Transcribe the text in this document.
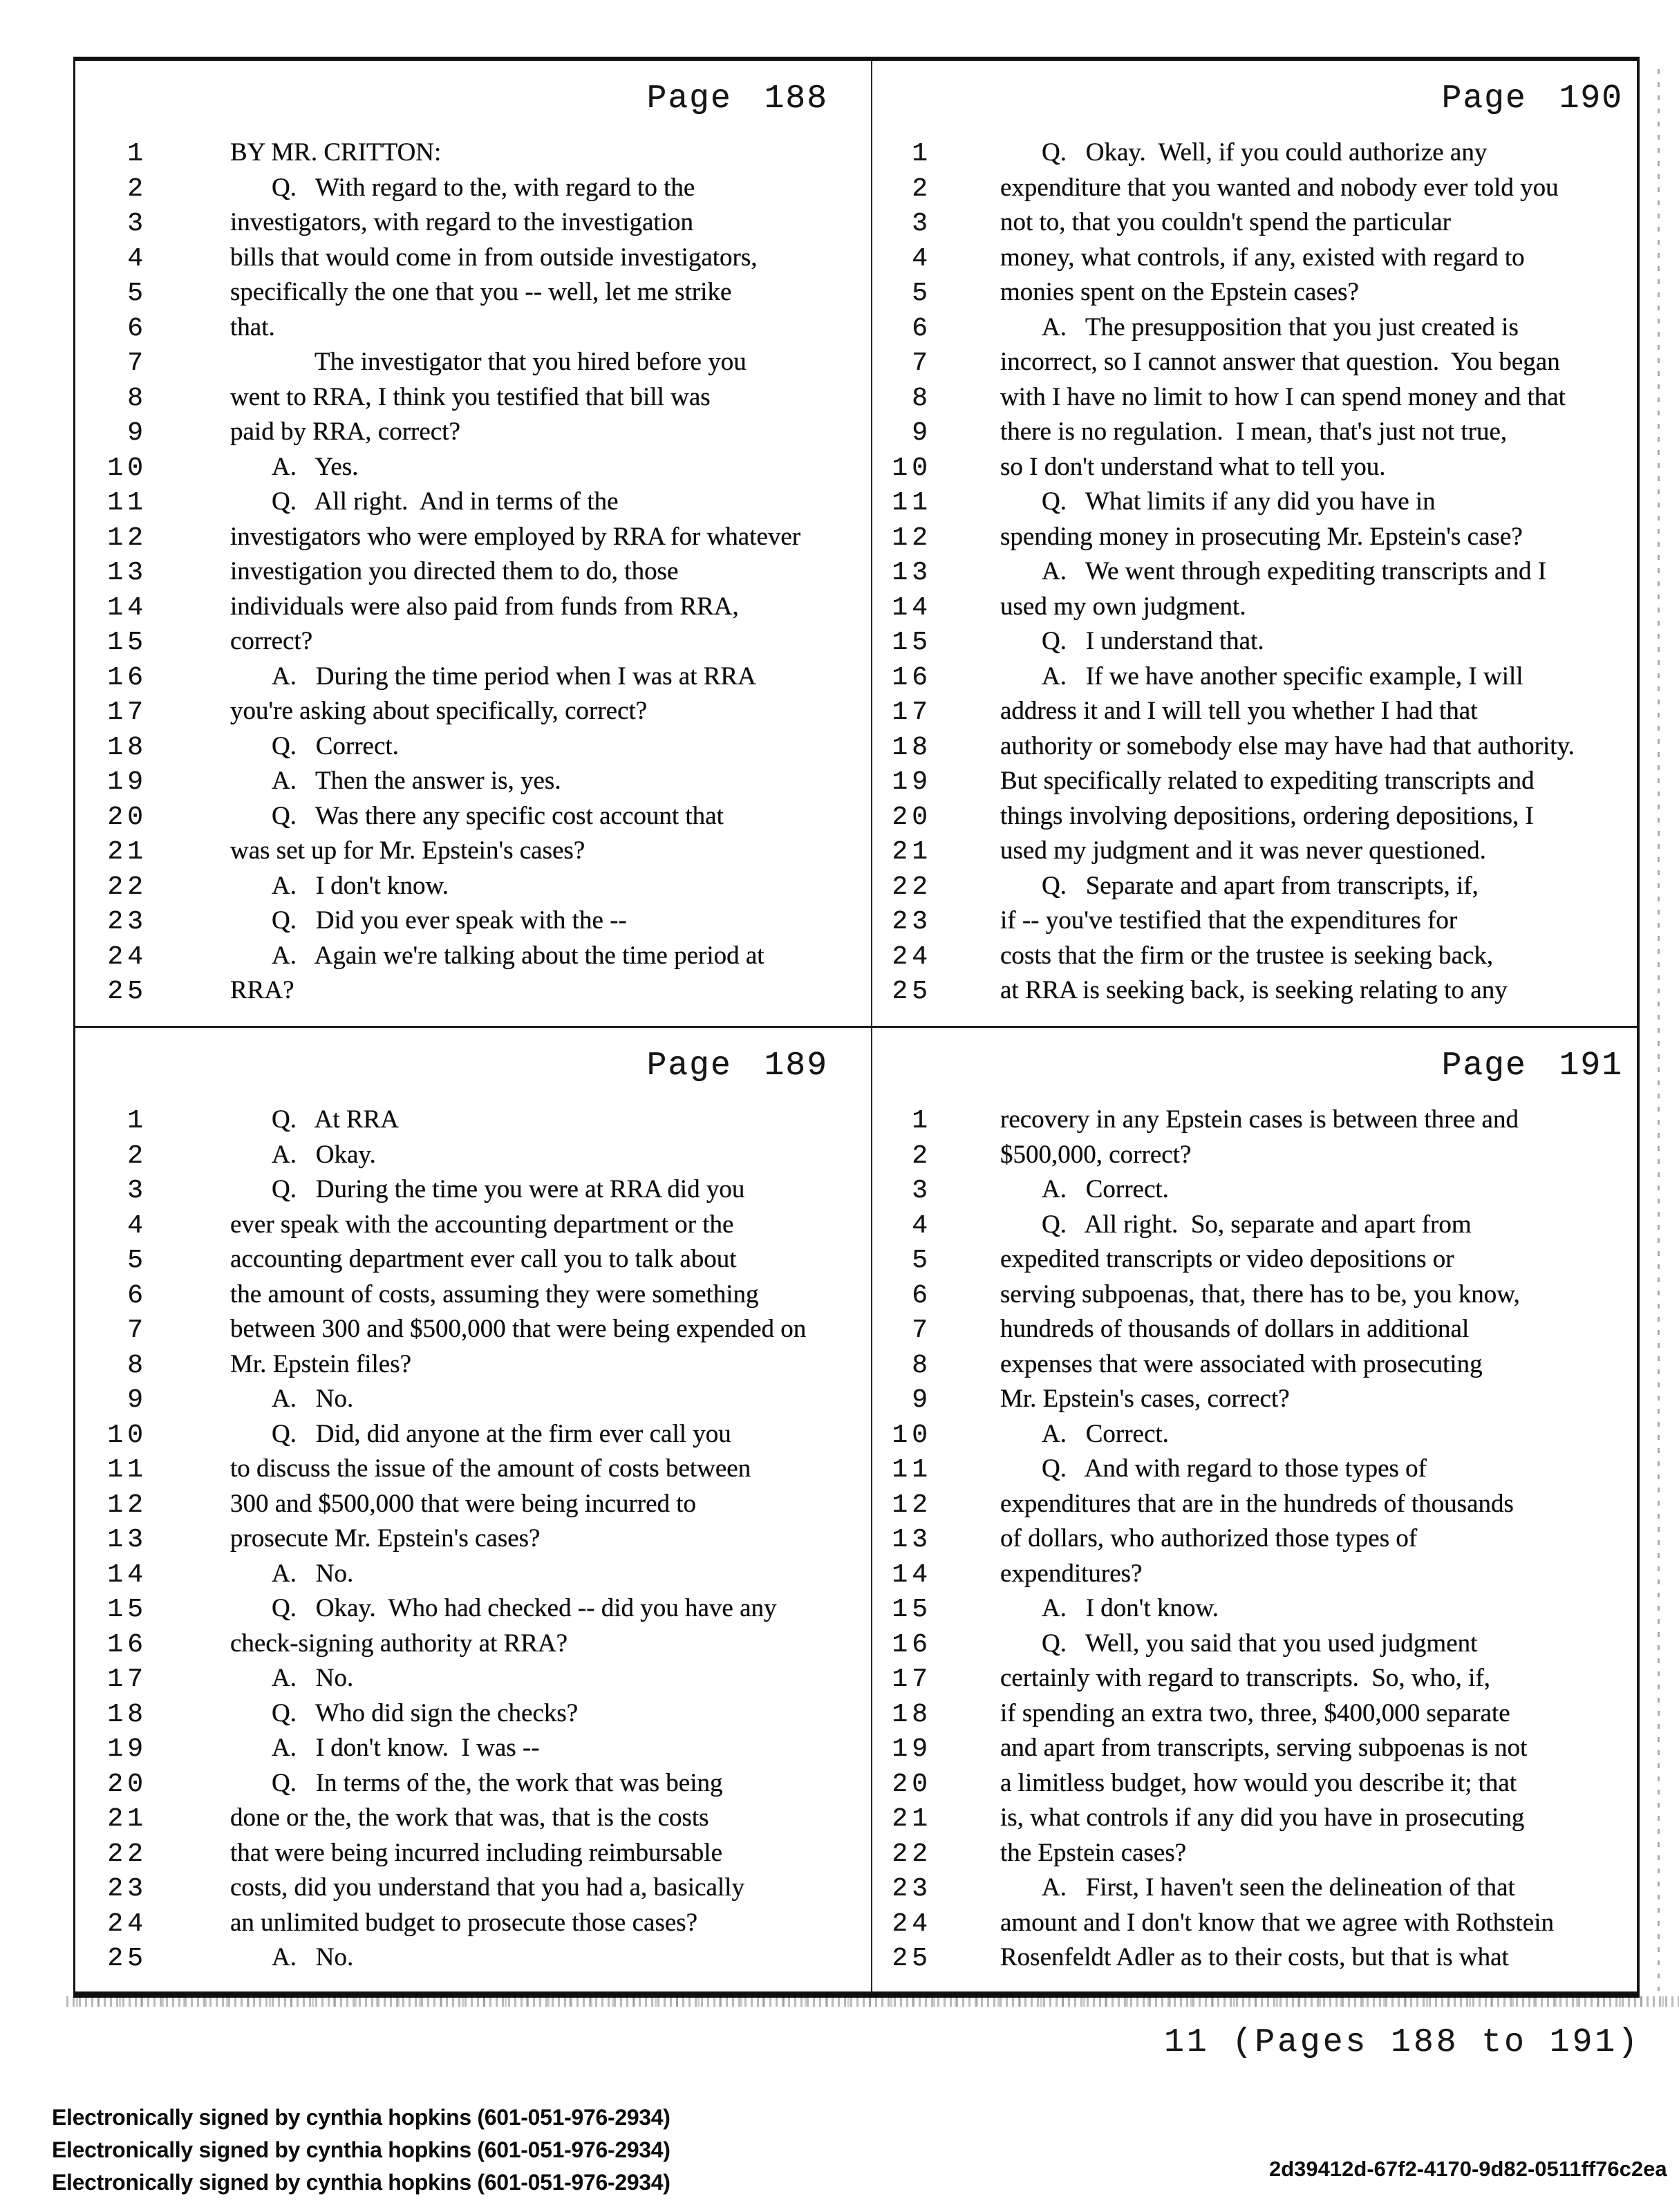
Page 188
1	BY MR. CRITTON:
2	Q.   With regard to the, with regard to the
3	investigators, with regard to the investigation
4	bills that would come in from outside investigators,
5	specifically the one that you -- well, let me strike
6	that.
7	The investigator that you hired before you
8	went to RRA, I think you testified that bill was
9	paid by RRA, correct?
10	A.   Yes.
11	Q.   All right.  And in terms of the
12	investigators who were employed by RRA for whatever
13	investigation you directed them to do, those
14	individuals were also paid from funds from RRA,
15	correct?
16	A.   During the time period when I was at RRA
17	you're asking about specifically, correct?
18	Q.   Correct.
19	A.   Then the answer is, yes.
20	Q.   Was there any specific cost account that
21	was set up for Mr. Epstein's cases?
22	A.   I don't know.
23	Q.   Did you ever speak with the --
24	A.   Again we're talking about the time period at
25	RRA?
Page 190
1	Q.   Okay.  Well, if you could authorize any
2	expenditure that you wanted and nobody ever told you
3	not to, that you couldn't spend the particular
4	money, what controls, if any, existed with regard to
5	monies spent on the Epstein cases?
6	A.   The presupposition that you just created is
7	incorrect, so I cannot answer that question.  You began
8	with I have no limit to how I can spend money and that
9	there is no regulation.  I mean, that's just not true,
10	so I don't understand what to tell you.
11	Q.   What limits if any did you have in
12	spending money in prosecuting Mr. Epstein's case?
13	A.   We went through expediting transcripts and I
14	used my own judgment.
15	Q.   I understand that.
16	A.   If we have another specific example, I will
17	address it and I will tell you whether I had that
18	authority or somebody else may have had that authority.
19	But specifically related to expediting transcripts and
20	things involving depositions, ordering depositions, I
21	used my judgment and it was never questioned.
22	Q.   Separate and apart from transcripts, if,
23	if -- you've testified that the expenditures for
24	costs that the firm or the trustee is seeking back,
25	at RRA is seeking back, is seeking relating to any
Page 189
1	Q.   At RRA
2	A.   Okay.
3	Q.   During the time you were at RRA did you
4	ever speak with the accounting department or the
5	accounting department ever call you to talk about
6	the amount of costs, assuming they were something
7	between 300 and $500,000 that were being expended on
8	Mr. Epstein files?
9	A.   No.
10	Q.   Did, did anyone at the firm ever call you
11	to discuss the issue of the amount of costs between
12	300 and $500,000 that were being incurred to
13	prosecute Mr. Epstein's cases?
14	A.   No.
15	Q.   Okay.  Who had checked -- did you have any
16	check-signing authority at RRA?
17	A.   No.
18	Q.   Who did sign the checks?
19	A.   I don't know.  I was --
20	Q.   In terms of the, the work that was being
21	done or the, the work that was, that is the costs
22	that were being incurred including reimbursable
23	costs, did you understand that you had a, basically
24	an unlimited budget to prosecute those cases?
25	A.   No.
Page 191
1	recovery in any Epstein cases is between three and
2	$500,000, correct?
3	A.   Correct.
4	Q.   All right.  So, separate and apart from
5	expedited transcripts or video depositions or
6	serving subpoenas, that, there has to be, you know,
7	hundreds of thousands of dollars in additional
8	expenses that were associated with prosecuting
9	Mr. Epstein's cases, correct?
10	A.   Correct.
11	Q.   And with regard to those types of
12	expenditures that are in the hundreds of thousands
13	of dollars, who authorized those types of
14	expenditures?
15	A.   I don't know.
16	Q.   Well, you said that you used judgment
17	certainly with regard to transcripts.  So, who, if,
18	if spending an extra two, three, $400,000 separate
19	and apart from transcripts, serving subpoenas is not
20	a limitless budget, how would you describe it; that
21	is, what controls if any did you have in prosecuting
22	the Epstein cases?
23	A.   First, I haven't seen the delineation of that
24	amount and I don't know that we agree with Rothstein
25	Rosenfeldt Adler as to their costs, but that is what
11 (Pages 188 to 191)
Electronically signed by cynthia hopkins (601-051-976-2934)
Electronically signed by cynthia hopkins (601-051-976-2934)
Electronically signed by cynthia hopkins (601-051-976-2934)
2d39412d-67f2-4170-9d82-0511ff76c2ea
